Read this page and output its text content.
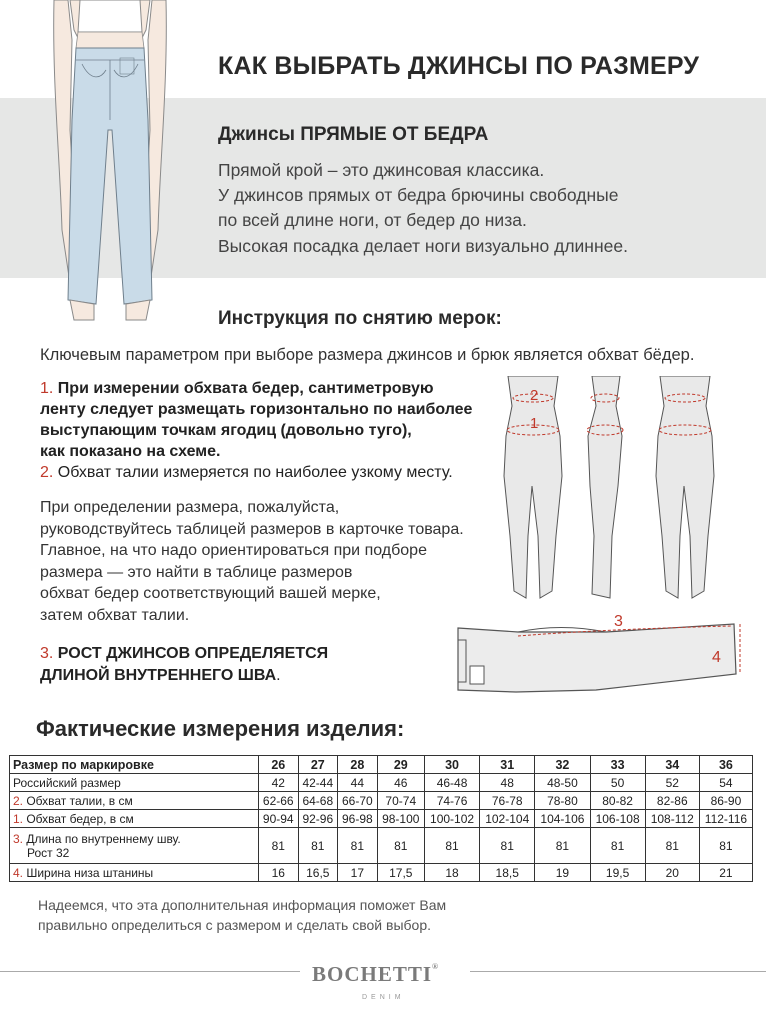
КАК ВЫБРАТЬ ДЖИНСЫ ПО РАЗМЕРУ
Джинсы ПРЯМЫЕ ОТ БЕДРА
Прямой крой – это джинсовая классика.
У джинсов прямых от бедра брючины свободные
по всей длине ноги, от бедер до низа.
Высокая посадка делает ноги визуально длиннее.
Инструкция по снятию мерок:
Ключевым параметром при выборе размера джинсов и брюк является обхват бёдер.
1. При измерении обхвата бедер, сантиметровую
ленту следует размещать горизонтально по наиболее
выступающим точкам ягодиц (довольно туго),
как показано на схеме.
2. Обхват талии измеряется по наиболее узкому месту.
При определении размера, пожалуйста,
руководствуйтесь таблицей размеров в карточке товара.
Главное, на что надо ориентироваться при подборе
размера — это найти в таблице размеров
обхват бедер соответствующий вашей мерке,
затем обхват талии.
3. РОСТ ДЖИНСОВ ОПРЕДЕЛЯЕТСЯ
ДЛИНОЙ ВНУТРЕННЕГО ШВА.
2
1
3
4
Фактические измерения изделия:
Размер по маркировке	26	27	28	29	30	31	32	33	34	36
Российский размер	42	42-44	44	46	46-48	48	48-50	50	52	54
2. Обхват талии, в см	62-66	64-68	66-70	70-74	74-76	76-78	78-80	80-82	82-86	86-90
1. Обхват бедер, в см	90-94	92-96	96-98	98-100	100-102	102-104	104-106	106-108	108-112	112-116
3. Длина по внутреннему шву.
Рост 32	81	81	81	81	81	81	81	81	81	81
4. Ширина низа штанины	16	16,5	17	17,5	18	18,5	19	19,5	20	21
Надеемся, что эта дополнительная информация поможет Вам
правильно определиться с размером и сделать свой выбор.
BOCHETTI®
DENIM
